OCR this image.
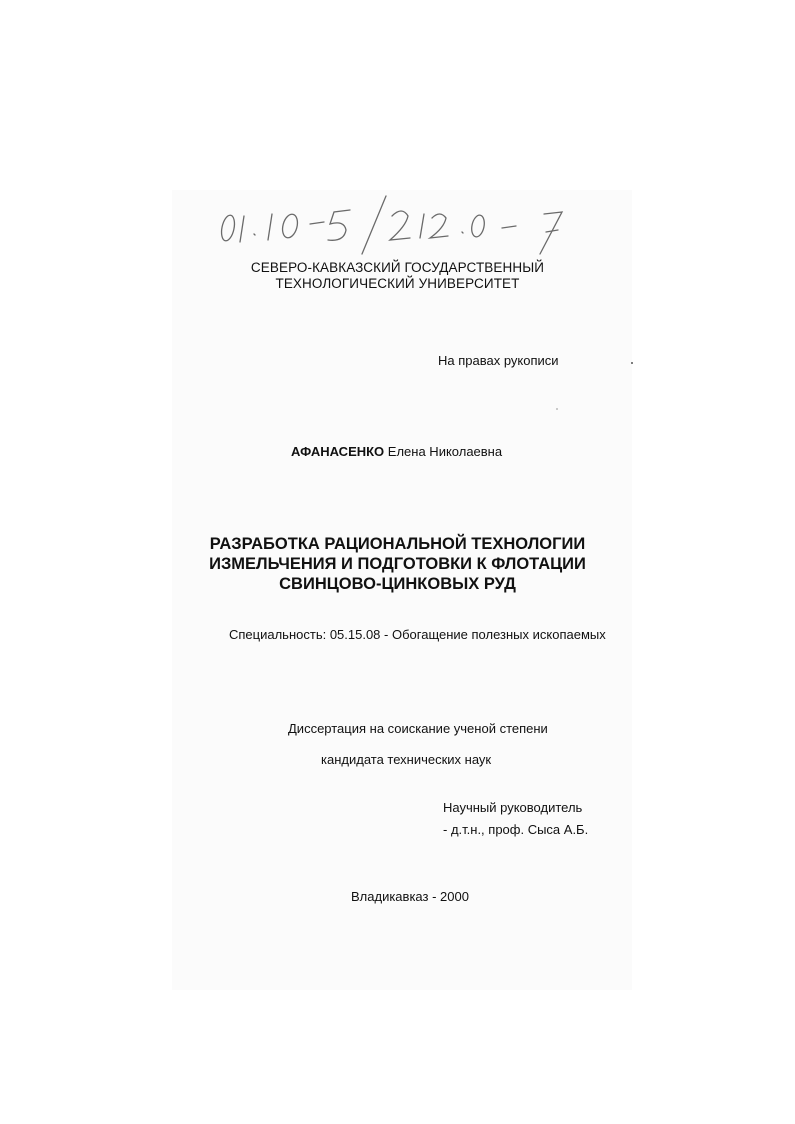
СЕВЕРО-КАВКАЗСКИЙ ГОСУДАРСТВЕННЫЙ
ТЕХНОЛОГИЧЕСКИЙ УНИВЕРСИТЕТ
На правах рукописи
АФАНАСЕНКО Елена Николаевна
РАЗРАБОТКА РАЦИОНАЛЬНОЙ ТЕХНОЛОГИИ
ИЗМЕЛЬЧЕНИЯ И ПОДГОТОВКИ К ФЛОТАЦИИ
СВИНЦОВО-ЦИНКОВЫХ РУД
Специальность: 05.15.08 - Обогащение полезных ископаемых
Диссертация на соискание ученой степени
кандидата технических наук
Научный руководитель
- д.т.н., проф. Сыса А.Б.
Владикавказ - 2000
